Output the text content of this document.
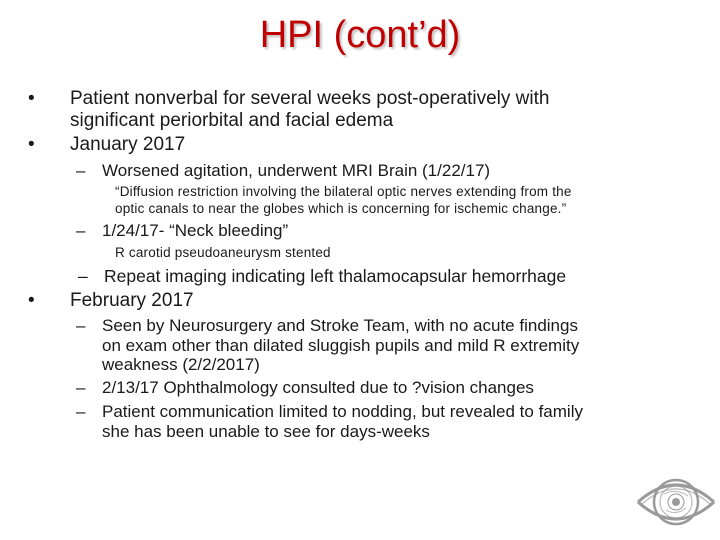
HPI (cont’d)
• Patient nonverbal for several weeks post-operatively with
significant periorbital and facial edema
• January 2017
– Worsened agitation, underwent MRI Brain (1/22/17)
“Diffusion restriction involving the bilateral optic nerves extending from the
optic canals to near the globes which is concerning for ischemic change.”
– 1/24/17- “Neck bleeding”
R carotid pseudoaneurysm stented
– Repeat imaging indicating left thalamocapsular hemorrhage
• February 2017
– Seen by Neurosurgery and Stroke Team, with no acute findings
on exam other than dilated sluggish pupils and mild R extremity
weakness (2/2/2017)
– 2/13/17 Ophthalmology consulted due to ?vision changes
– Patient communication limited to nodding, but revealed to family
she has been unable to see for days-weeks
